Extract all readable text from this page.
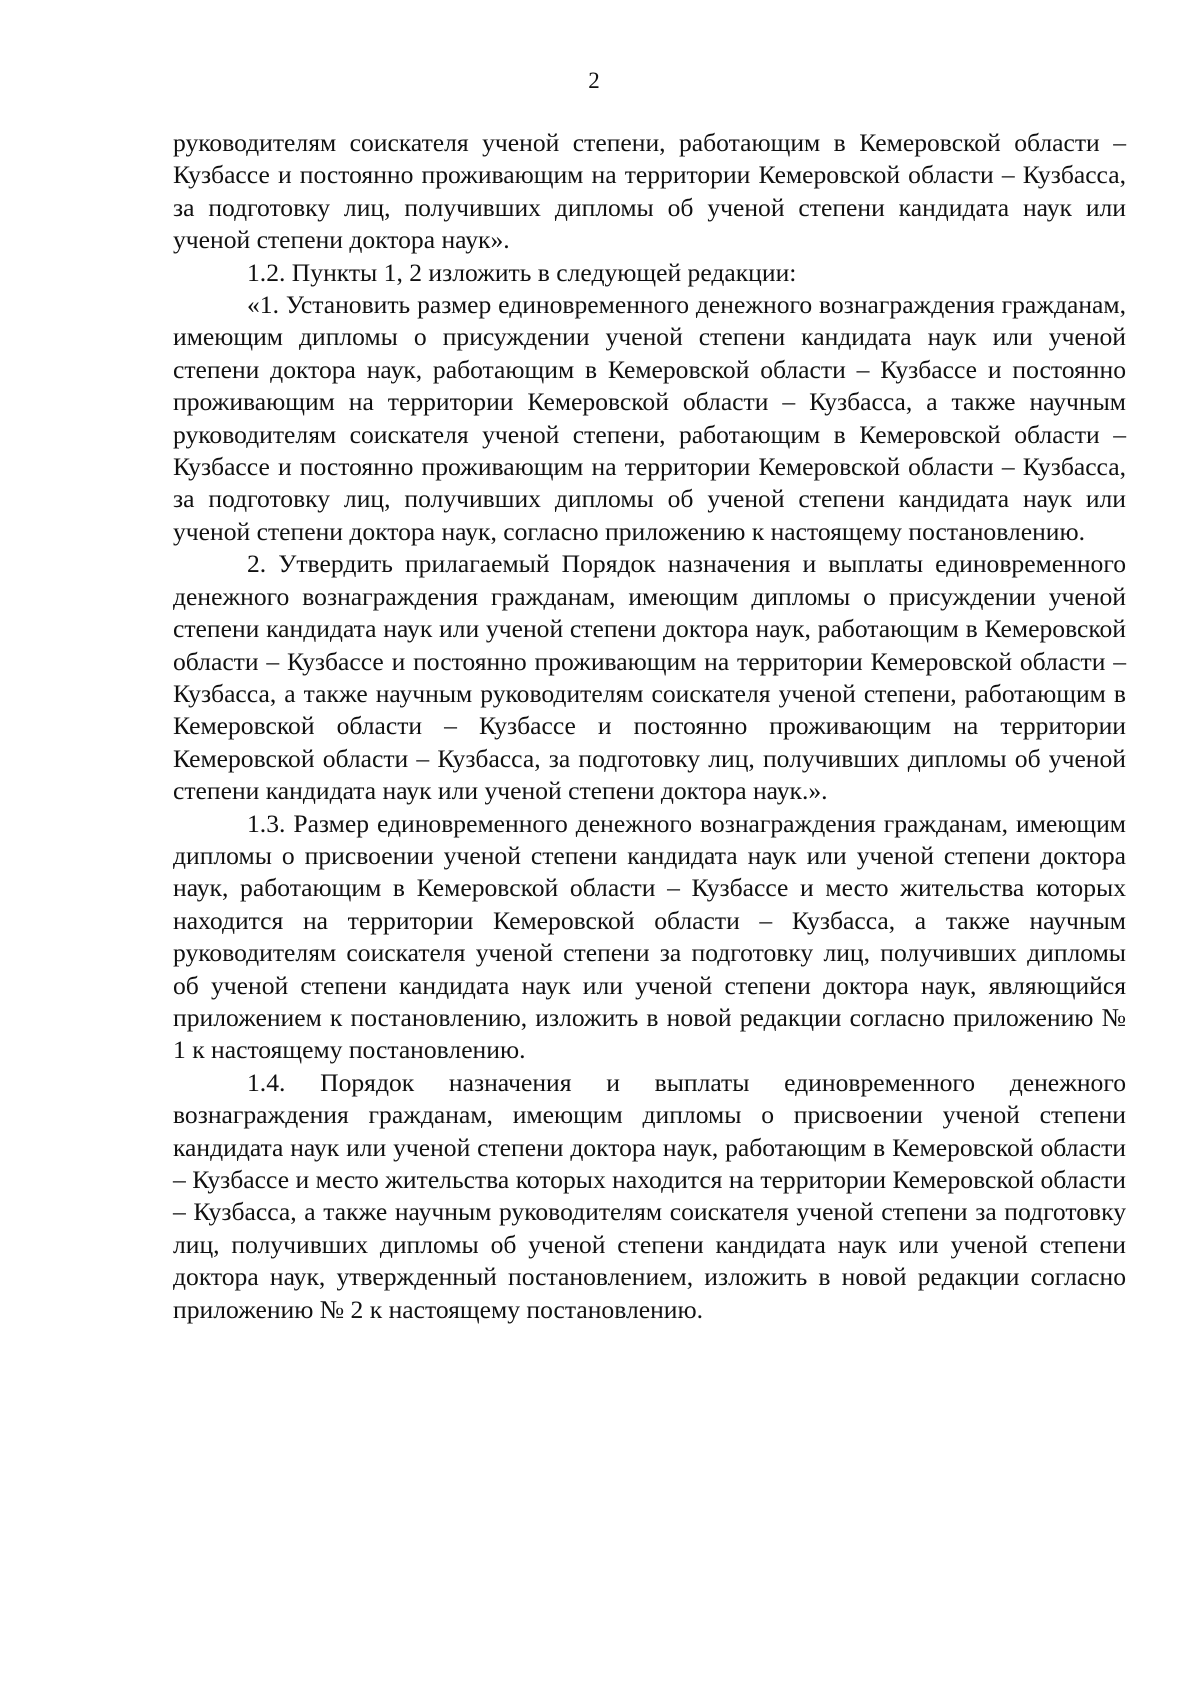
2

руководителям соискателя ученой степени, работающим в Кемеровской области – Кузбассе и постоянно проживающим на территории Кемеровской области – Кузбасса, за подготовку лиц, получивших дипломы об ученой степени кандидата наук или ученой степени доктора наук».

1.2. Пункты 1, 2 изложить в следующей редакции:

«1. Установить размер единовременного денежного вознаграждения гражданам, имеющим дипломы о присуждении ученой степени кандидата наук или ученой степени доктора наук, работающим в Кемеровской области – Кузбассе и постоянно проживающим на территории Кемеровской области – Кузбасса, а также научным руководителям соискателя ученой степени, работающим в Кемеровской области – Кузбассе и постоянно проживающим на территории Кемеровской области – Кузбасса, за подготовку лиц, получивших дипломы об ученой степени кандидата наук или ученой степени доктора наук, согласно приложению к настоящему постановлению.

2. Утвердить прилагаемый Порядок назначения и выплаты единовременного денежного вознаграждения гражданам, имеющим дипломы о присуждении ученой степени кандидата наук или ученой степени доктора наук, работающим в Кемеровской области – Кузбассе и постоянно проживающим на территории Кемеровской области – Кузбасса, а также научным руководителям соискателя ученой степени, работающим в Кемеровской области – Кузбассе и постоянно проживающим на территории Кемеровской области – Кузбасса, за подготовку лиц, получивших дипломы об ученой степени кандидата наук или ученой степени доктора наук.».

1.3. Размер единовременного денежного вознаграждения гражданам, имеющим дипломы о присвоении ученой степени кандидата наук или ученой степени доктора наук, работающим в Кемеровской области – Кузбассе и место жительства которых находится на территории Кемеровской области – Кузбасса, а также научным руководителям соискателя ученой степени за подготовку лиц, получивших дипломы об ученой степени кандидата наук или ученой степени доктора наук, являющийся приложением к постановлению, изложить в новой редакции согласно приложению № 1 к настоящему постановлению.

1.4. Порядок назначения и выплаты единовременного денежного вознаграждения гражданам, имеющим дипломы о присвоении ученой степени кандидата наук или ученой степени доктора наук, работающим в Кемеровской области – Кузбассе и место жительства которых находится на территории Кемеровской области – Кузбасса, а также научным руководителям соискателя ученой степени за подготовку лиц, получивших дипломы об ученой степени кандидата наук или ученой степени доктора наук, утвержденный постановлением, изложить в новой редакции согласно приложению № 2 к настоящему постановлению.
